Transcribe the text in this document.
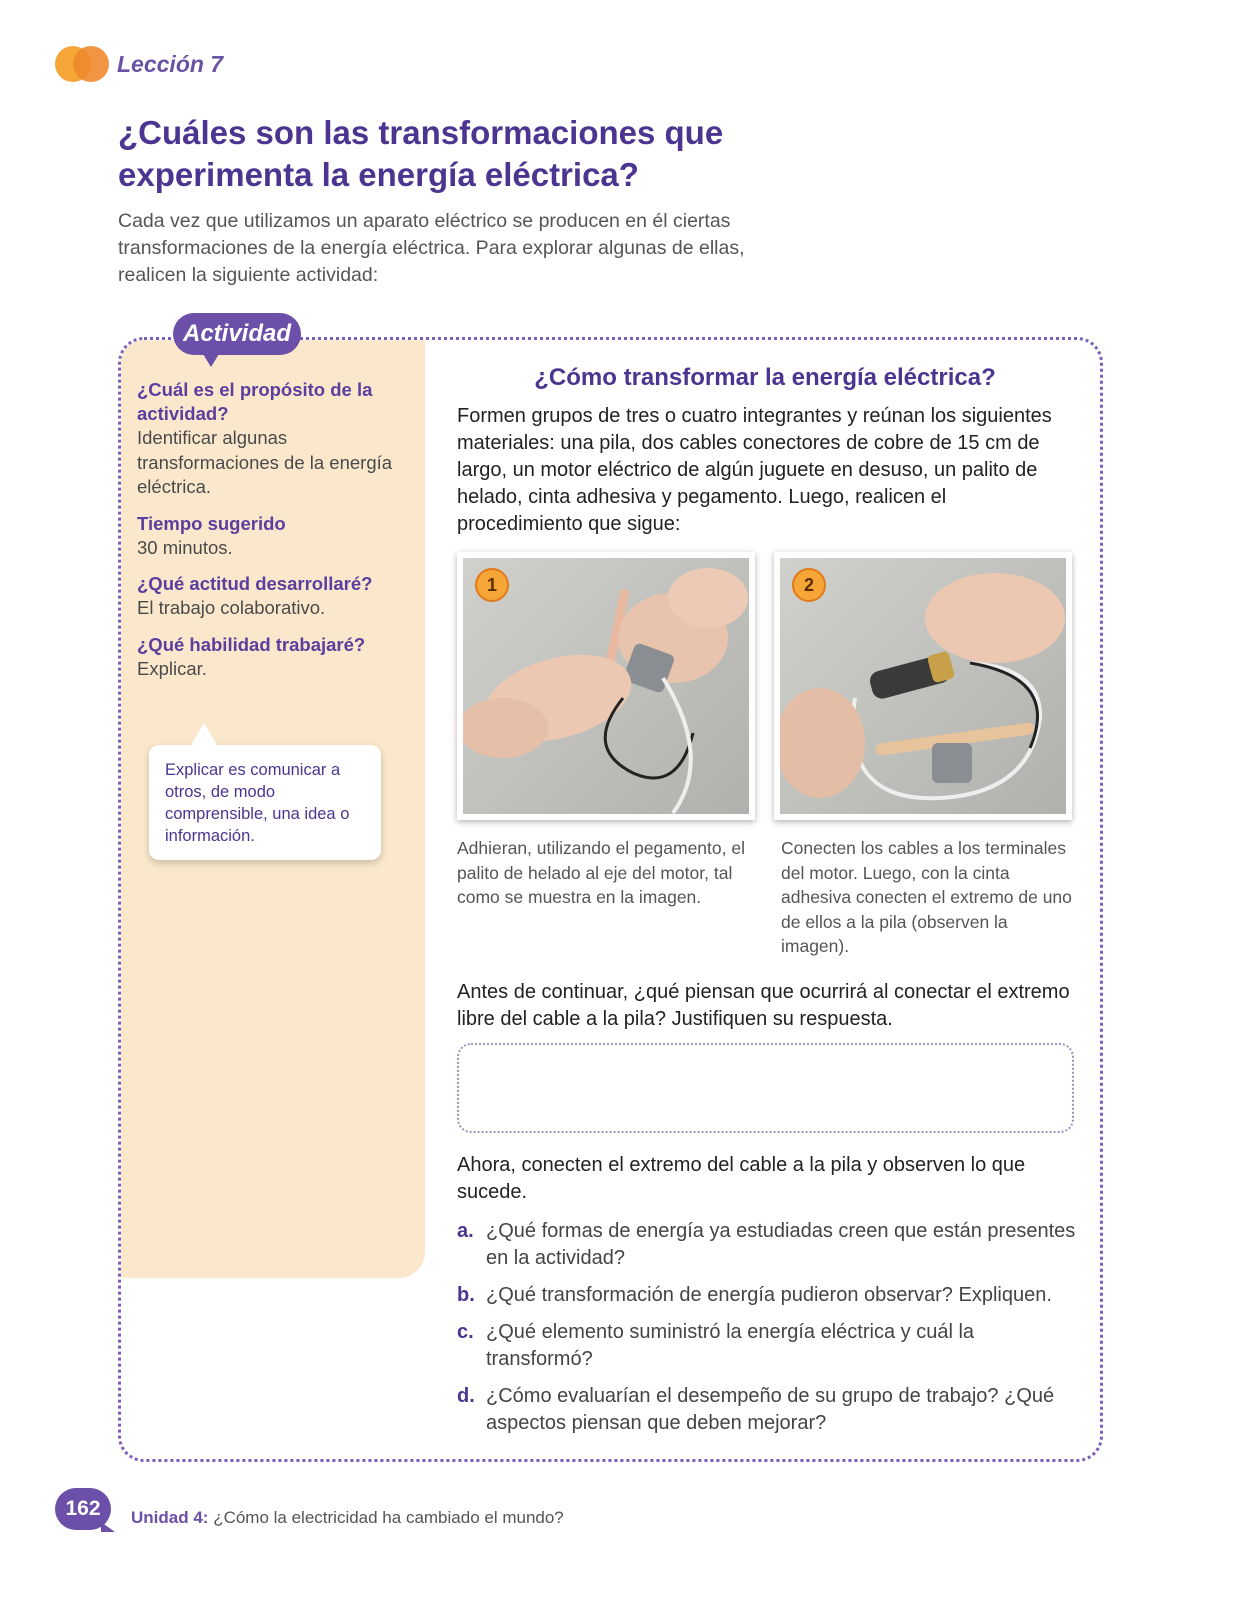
Lección 7
¿Cuáles son las transformaciones que experimenta la energía eléctrica?

Cada vez que utilizamos un aparato eléctrico se producen en él ciertas transformaciones de la energía eléctrica. Para explorar algunas de ellas, realicen la siguiente actividad:

Actividad
¿Cuál es el propósito de la actividad?
Identificar algunas transformaciones de la energía eléctrica.
Tiempo sugerido
30 minutos.
¿Qué actitud desarrollaré?
El trabajo colaborativo.
¿Qué habilidad trabajaré?
Explicar.
Explicar es comunicar a otros, de modo comprensible, una idea o información.
¿Cómo transformar la energía eléctrica?

Formen grupos de tres o cuatro integrantes y reúnan los siguientes materiales: una pila, dos cables conectores de cobre de 15 cm de largo, un motor eléctrico de algún juguete en desuso, un palito de helado, cinta adhesiva y pegamento. Luego, realicen el procedimiento que sigue:

1	2

Adhieran, utilizando el pegamento, el palito de helado al eje del motor, tal como se muestra en la imagen.

Conecten los cables a los terminales del motor. Luego, con la cinta adhesiva conecten el extremo de uno de ellos a la pila (observen la imagen).

Antes de continuar, ¿qué piensan que ocurrirá al conectar el extremo libre del cable a la pila? Justifiquen su respuesta.

Ahora, conecten el extremo del cable a la pila y observen lo que sucede.

a. ¿Qué formas de energía ya estudiadas creen que están presentes en la actividad?
b. ¿Qué transformación de energía pudieron observar? Expliquen.
c. ¿Qué elemento suministró la energía eléctrica y cuál la transformó?
d. ¿Cómo evaluarían el desempeño de su grupo de trabajo? ¿Qué aspectos piensan que deben mejorar?
162	Unidad 4: ¿Cómo la electricidad ha cambiado el mundo?
